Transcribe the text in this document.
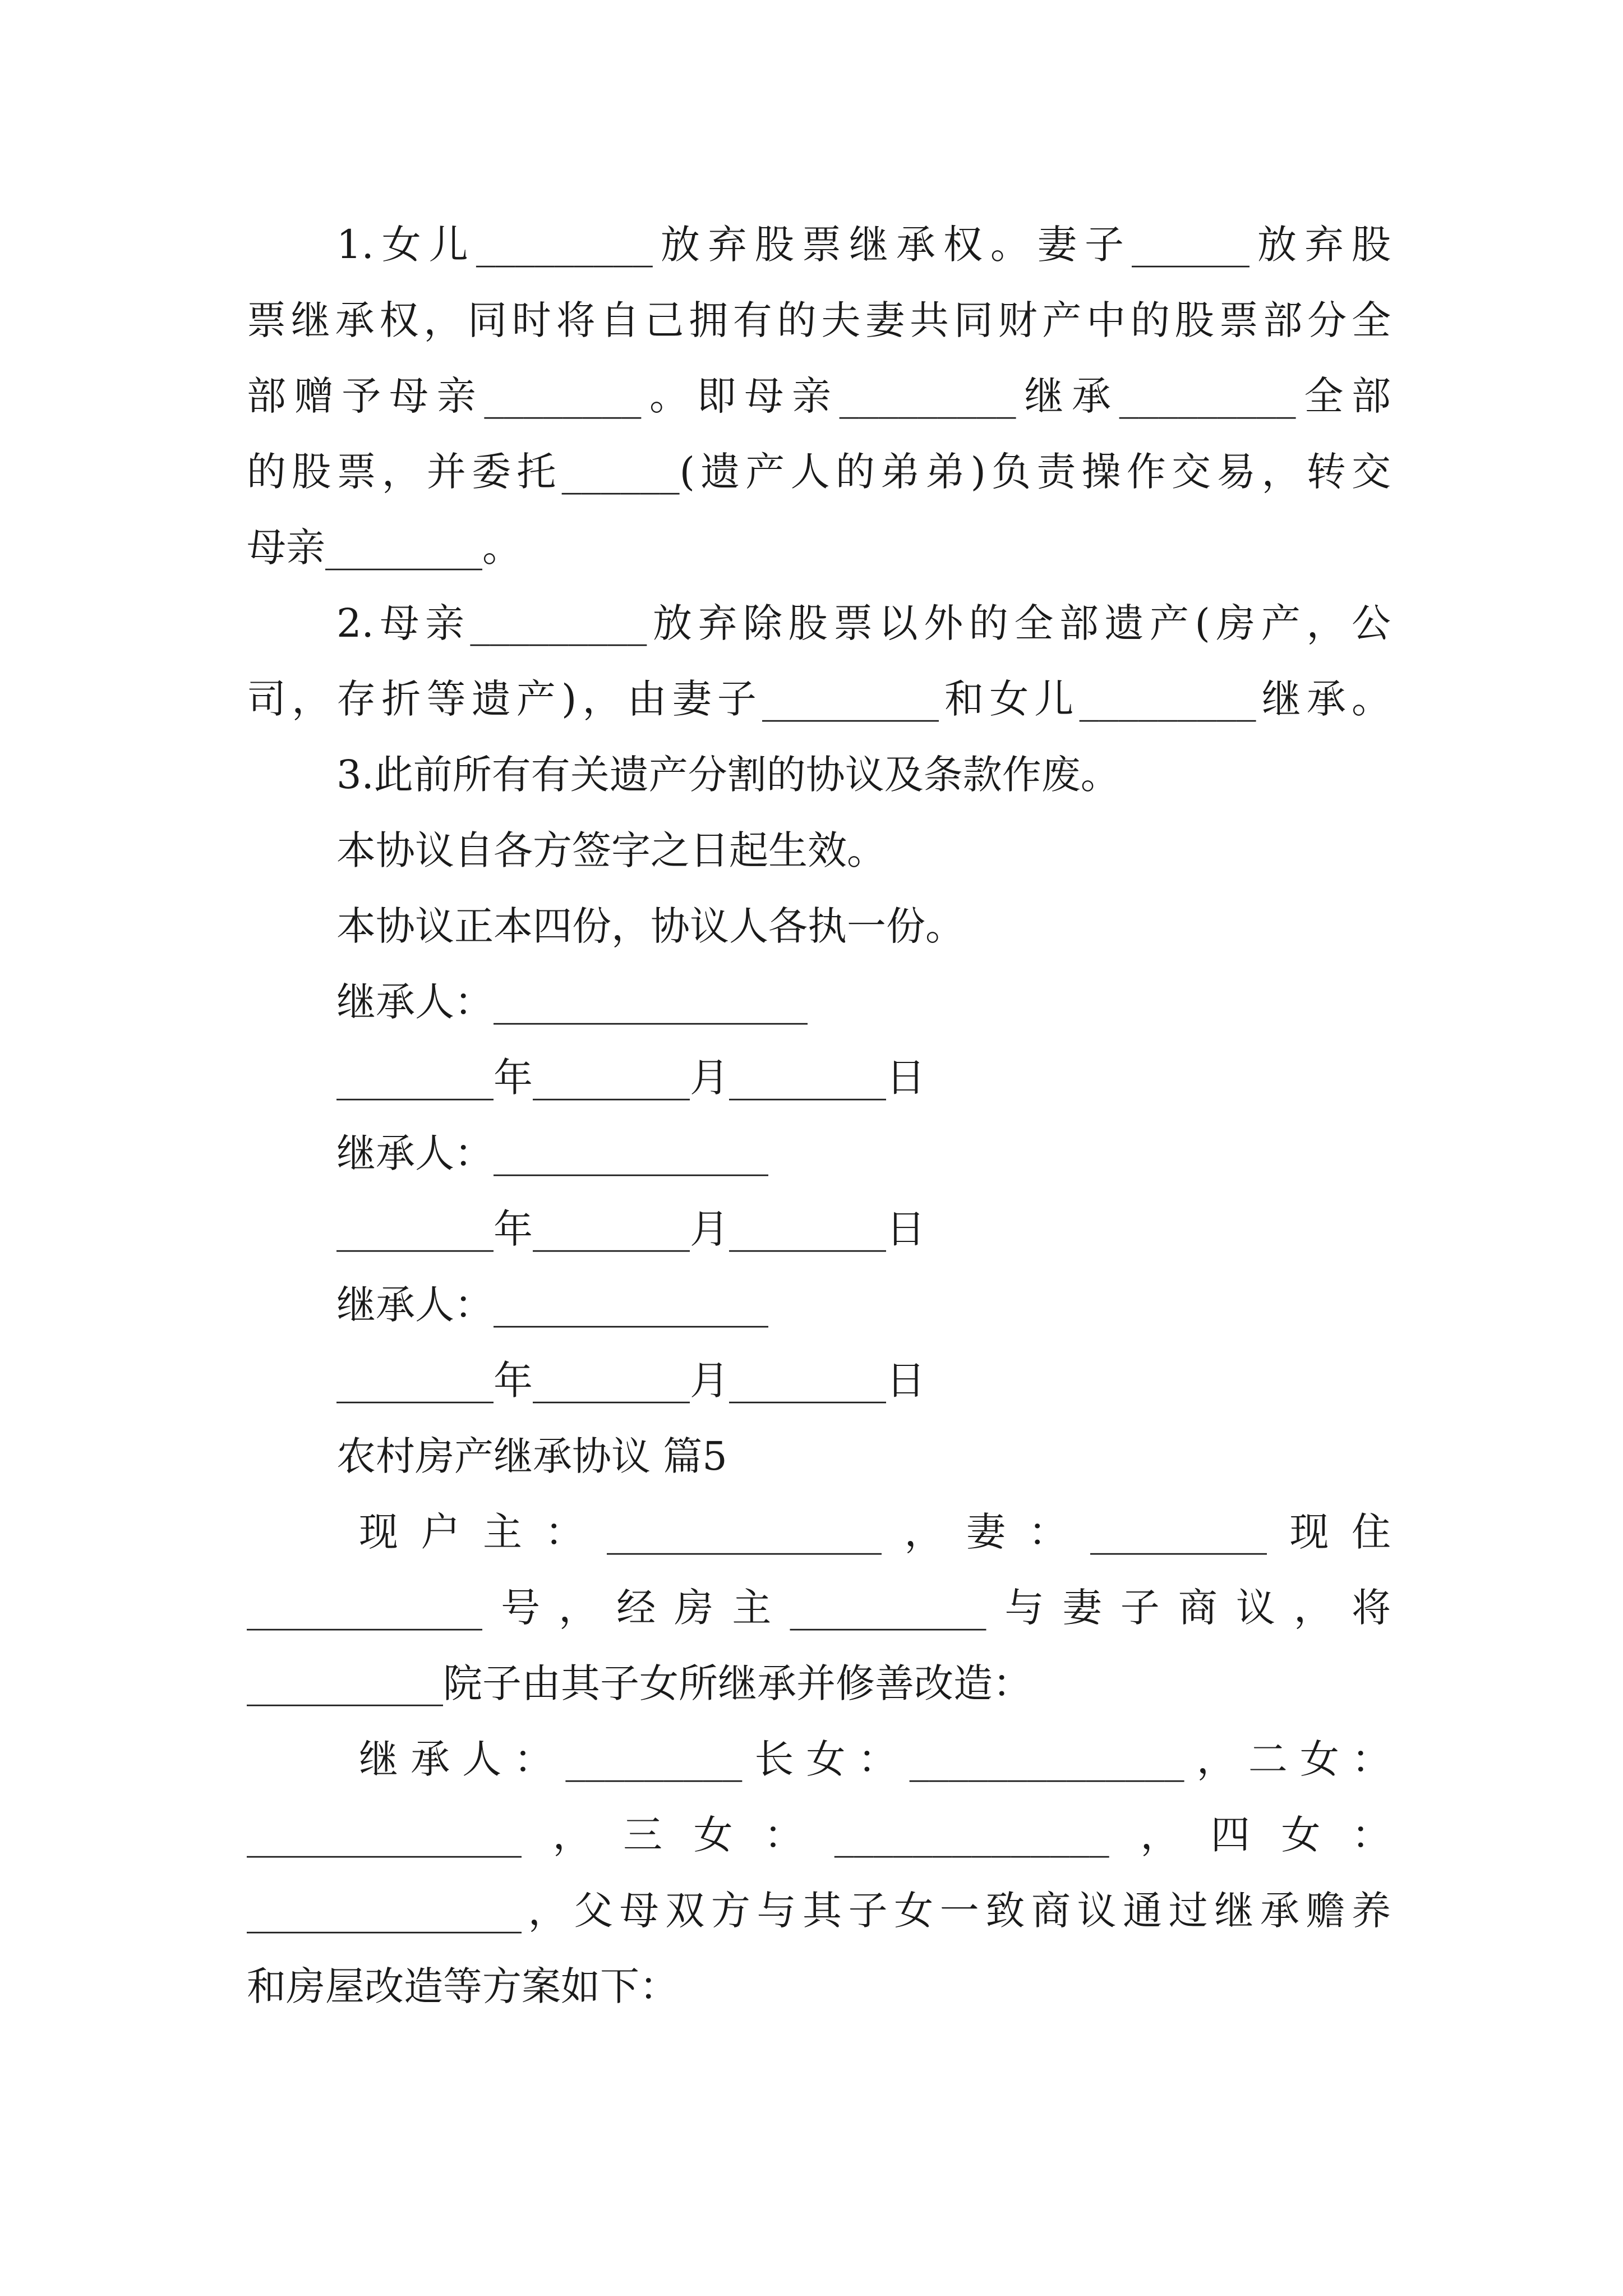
1.女儿_________放弃股票继承权。妻子______放弃股
票继承权，同时将自己拥有的夫妻共同财产中的股票部分全
部赠予母亲________。即母亲_________继承_________全部
的股票，并委托______(遗产人的弟弟)负责操作交易，转交
母亲________。
2.母亲_________放弃除股票以外的全部遗产(房产，公
司，存折等遗产)，由妻子_________和女儿_________继承。
3.此前所有有关遗产分割的协议及条款作废。
本协议自各方签字之日起生效。
本协议正本四份，协议人各执一份。
继承人：________________
________年________月________日
继承人：______________
________年________月________日
继承人：______________
________年________月________日
农村房产继承协议 篇5
现户主：______________，妻：_________现住
____________号，经房主__________与妻子商议，将
__________院子由其子女所继承并修善改造：
继承人：_________长女：______________，二女：
______________，三女：______________，四女：
______________，父母双方与其子女一致商议通过继承赡养
和房屋改造等方案如下：
